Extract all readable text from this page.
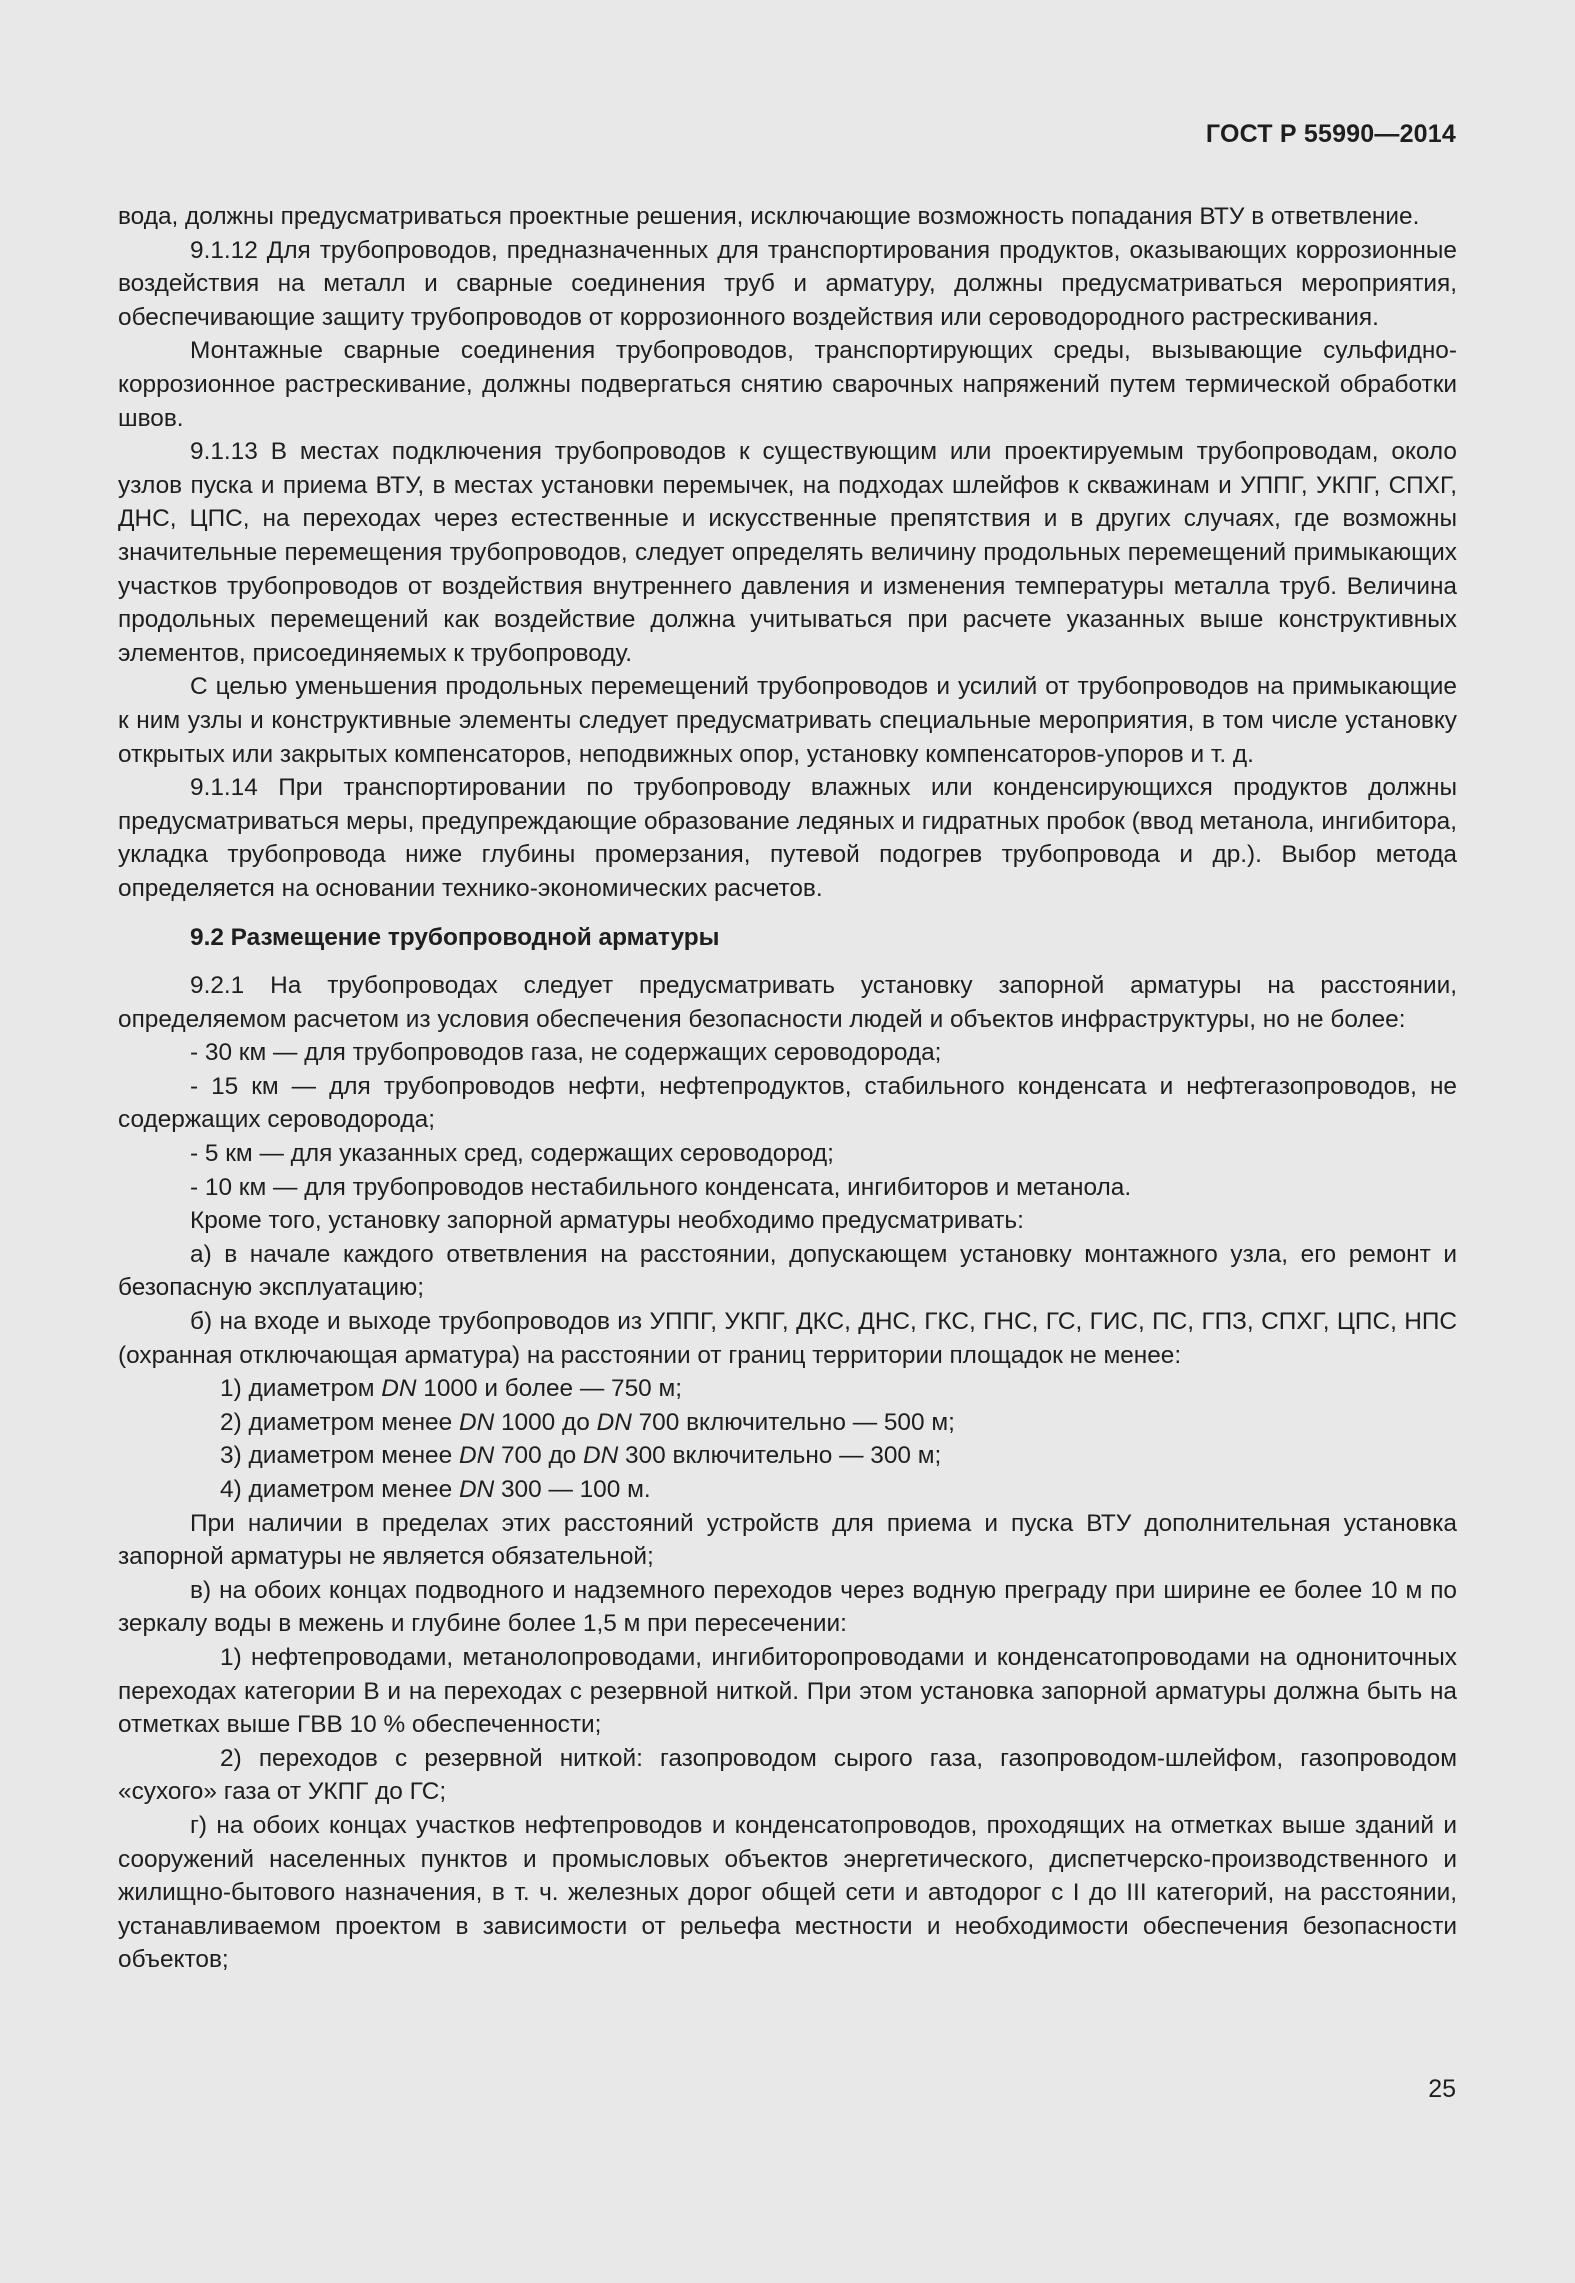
ГОСТ Р 55990—2014

вода, должны предусматриваться проектные решения, исключающие возможность попадания ВТУ в ответвление.

9.1.12 Для трубопроводов, предназначенных для транспортирования продуктов, оказывающих коррозионные воздействия на металл и сварные соединения труб и арматуру, должны предусматриваться мероприятия, обеспечивающие защиту трубопроводов от коррозионного воздействия или сероводородного растрескивания.

Монтажные сварные соединения трубопроводов, транспортирующих среды, вызывающие сульфидно-коррозионное растрескивание, должны подвергаться снятию сварочных напряжений путем термической обработки швов.

9.1.13 В местах подключения трубопроводов к существующим или проектируемым трубопроводам, около узлов пуска и приема ВТУ, в местах установки перемычек, на подходах шлейфов к скважинам и УППГ, УКПГ, СПХГ, ДНС, ЦПС, на переходах через естественные и искусственные препятствия и в других случаях, где возможны значительные перемещения трубопроводов, следует определять величину продольных перемещений примыкающих участков трубопроводов от воздействия внутреннего давления и изменения температуры металла труб. Величина продольных перемещений как воздействие должна учитываться при расчете указанных выше конструктивных элементов, присоединяемых к трубопроводу.

С целью уменьшения продольных перемещений трубопроводов и усилий от трубопроводов на примыкающие к ним узлы и конструктивные элементы следует предусматривать специальные мероприятия, в том числе установку открытых или закрытых компенсаторов, неподвижных опор, установку компенсаторов-упоров и т. д.

9.1.14 При транспортировании по трубопроводу влажных или конденсирующихся продуктов должны предусматриваться меры, предупреждающие образование ледяных и гидратных пробок (ввод метанола, ингибитора, укладка трубопровода ниже глубины промерзания, путевой подогрев трубопровода и др.). Выбор метода определяется на основании технико-экономических расчетов.

9.2 Размещение трубопроводной арматуры

9.2.1 На трубопроводах следует предусматривать установку запорной арматуры на расстоянии, определяемом расчетом из условия обеспечения безопасности людей и объектов инфраструктуры, но не более:

- 30 км — для трубопроводов газа, не содержащих сероводорода;

- 15 км — для трубопроводов нефти, нефтепродуктов, стабильного конденсата и нефтегазопроводов, не содержащих сероводорода;

- 5 км — для указанных сред, содержащих сероводород;

- 10 км — для трубопроводов нестабильного конденсата, ингибиторов и метанола.

Кроме того, установку запорной арматуры необходимо предусматривать:

а) в начале каждого ответвления на расстоянии, допускающем установку монтажного узла, его ремонт и безопасную эксплуатацию;

б) на входе и выходе трубопроводов из УППГ, УКПГ, ДКС, ДНС, ГКС, ГНС, ГС, ГИС, ПС, ГПЗ, СПХГ, ЦПС, НПС (охранная отключающая арматура) на расстоянии от границ территории площадок не менее:

1) диаметром DN 1000 и более — 750 м;

2) диаметром менее DN 1000 до DN 700 включительно — 500 м;

3) диаметром менее DN 700 до DN 300 включительно — 300 м;

4) диаметром менее DN 300 — 100 м.

При наличии в пределах этих расстояний устройств для приема и пуска ВТУ дополнительная установка запорной арматуры не является обязательной;

в) на обоих концах подводного и надземного переходов через водную преграду при ширине ее более 10 м по зеркалу воды в межень и глубине более 1,5 м при пересечении:

1) нефтепроводами, метанолопроводами, ингибиторопроводами и конденсатопроводами на однониточных переходах категории В и на переходах с резервной ниткой. При этом установка запорной арматуры должна быть на отметках выше ГВВ 10 % обеспеченности;

2) переходов с резервной ниткой: газопроводом сырого газа, газопроводом-шлейфом, газопроводом «сухого» газа от УКПГ до ГС;

г) на обоих концах участков нефтепроводов и конденсатопроводов, проходящих на отметках выше зданий и сооружений населенных пунктов и промысловых объектов энергетического, диспетчерско-производственного и жилищно-бытового назначения, в т. ч. железных дорог общей сети и автодорог с I до III категорий, на расстоянии, устанавливаемом проектом в зависимости от рельефа местности и необходимости обеспечения безопасности объектов;

25
